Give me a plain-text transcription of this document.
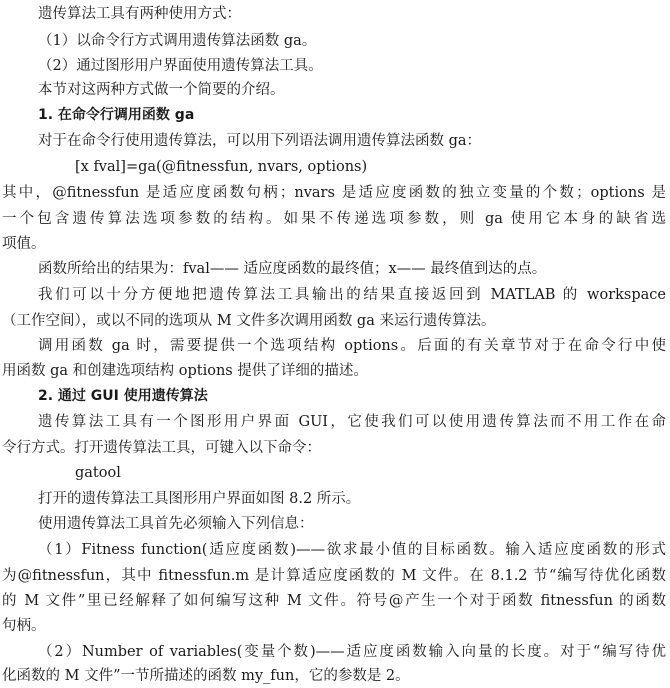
遗传算法工具有两种使用方式：
（1）以命令行方式调用遗传算法函数 ga。
（2）通过图形用户界面使用遗传算法工具。
本节对这两种方式做一个简要的介绍。
1. 在命令行调用函数 ga
对于在命令行使用遗传算法，可以用下列语法调用遗传算法函数 ga：
[x fval]=ga(@fitnessfun, nvars, options)
其中，@fitnessfun 是适应度函数句柄；nvars 是适应度函数的独立变量的个数；options 是
一个包含遗传算法选项参数的结构。如果不传递选项参数，则 ga 使用它本身的缺省选
项值。
函数所给出的结果为：fval—— 适应度函数的最终值；x—— 最终值到达的点。
我们可以十分方便地把遗传算法工具输出的结果直接返回到 MATLAB 的 workspace
（工作空间），或以不同的选项从 M 文件多次调用函数 ga 来运行遗传算法。
调用函数 ga 时，需要提供一个选项结构 options。后面的有关章节对于在命令行中使
用函数 ga 和创建选项结构 options 提供了详细的描述。
2. 通过 GUI 使用遗传算法
遗传算法工具有一个图形用户界面 GUI，它使我们可以使用遗传算法而不用工作在命
令行方式。打开遗传算法工具，可键入以下命令：
gatool
打开的遗传算法工具图形用户界面如图 8.2 所示。
使用遗传算法工具首先必须输入下列信息：
（1）Fitness function(适应度函数)——欲求最小值的目标函数。输入适应度函数的形式
为@fitnessfun，其中 fitnessfun.m 是计算适应度函数的 M 文件。在 8.1.2 节“编写待优化函数
的 M 文件”里已经解释了如何编写这种 M 文件。符号@产生一个对于函数 fitnessfun 的函数
句柄。
（2）Number of variables(变量个数)——适应度函数输入向量的长度。对于“编写待优
化函数的 M 文件”一节所描述的函数 my_fun，它的参数是 2。
